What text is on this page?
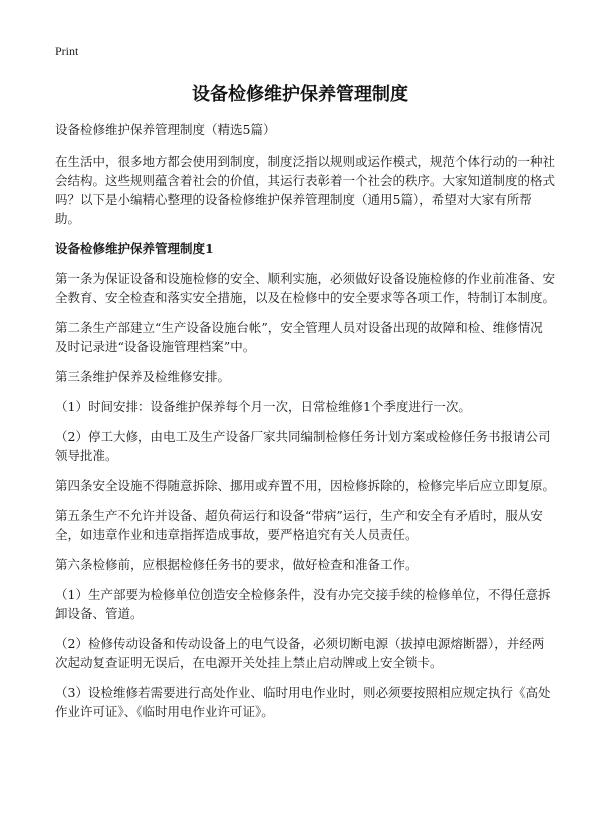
Print
设备检修维护保养管理制度

设备检修维护保养管理制度（精选5篇）

在生活中，很多地方都会使用到制度，制度泛指以规则或运作模式，规范个体行动的一种社会结构。这些规则蕴含着社会的价值，其运行表彰着一个社会的秩序。大家知道制度的格式吗？以下是小编精心整理的设备检修维护保养管理制度（通用5篇），希望对大家有所帮助。

设备检修维护保养管理制度1

第一条为保证设备和设施检修的安全、顺利实施，必须做好设备设施检修的作业前准备、安全教育、安全检查和落实安全措施，以及在检修中的安全要求等各项工作，特制订本制度。

第二条生产部建立“生产设备设施台帐”，安全管理人员对设备出现的故障和检、维修情况及时记录进“设备设施管理档案”中。

第三条维护保养及检维修安排。

（1）时间安排：设备维护保养每个月一次，日常检维修1个季度进行一次。

（2）停工大修，由电工及生产设备厂家共同编制检修任务计划方案或检修任务书报请公司领导批准。

第四条安全设施不得随意拆除、挪用或弃置不用，因检修拆除的，检修完毕后应立即复原。

第五条生产不允许并设备、超负荷运行和设备“带病”运行，生产和安全有矛盾时，服从安全，如违章作业和违章指挥造成事故，要严格追究有关人员责任。

第六条检修前，应根据检修任务书的要求，做好检查和准备工作。

（1）生产部要为检修单位创造安全检修条件，没有办完交接手续的检修单位，不得任意拆卸设备、管道。

（2）检修传动设备和传动设备上的电气设备，必须切断电源（拔掉电源熔断器），并经两次起动复查证明无误后，在电源开关处挂上禁止启动牌或上安全锁卡。

（3）设检维修若需要进行高处作业、临时用电作业时，则必须要按照相应规定执行《高处作业许可证》、《临时用电作业许可证》。
